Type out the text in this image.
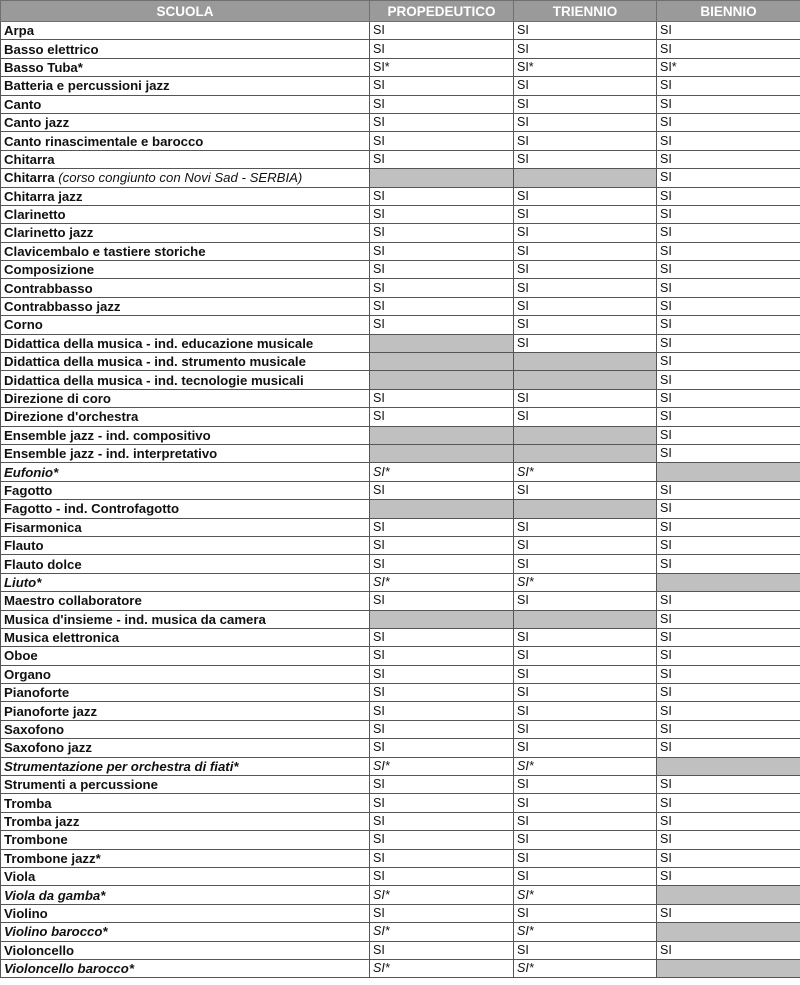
SCUOLA	PROPEDEUTICO	TRIENNIO	BIENNIO
Arpa	SI	SI	SI
Basso elettrico	SI	SI	SI
Basso Tuba*	SI*	SI*	SI*
Batteria e percussioni jazz	SI	SI	SI
Canto	SI	SI	SI
Canto jazz	SI	SI	SI
Canto rinascimentale e barocco	SI	SI	SI
Chitarra	SI	SI	SI
Chitarra (corso congiunto con Novi Sad - SERBIA)			SI
Chitarra jazz	SI	SI	SI
Clarinetto	SI	SI	SI
Clarinetto jazz	SI	SI	SI
Clavicembalo e tastiere storiche	SI	SI	SI
Composizione	SI	SI	SI
Contrabbasso	SI	SI	SI
Contrabbasso jazz	SI	SI	SI
Corno	SI	SI	SI
Didattica della musica - ind. educazione musicale		SI	SI
Didattica della musica - ind. strumento musicale			SI
Didattica della musica - ind. tecnologie musicali			SI
Direzione di coro	SI	SI	SI
Direzione d'orchestra	SI	SI	SI
Ensemble jazz - ind. compositivo			SI
Ensemble jazz - ind. interpretativo			SI
Eufonio*	SI*	SI*	
Fagotto	SI	SI	SI
Fagotto - ind. Controfagotto			SI
Fisarmonica	SI	SI	SI
Flauto	SI	SI	SI
Flauto dolce	SI	SI	SI
Liuto*	SI*	SI*	
Maestro collaboratore	SI	SI	SI
Musica d'insieme - ind. musica da camera			SI
Musica elettronica	SI	SI	SI
Oboe	SI	SI	SI
Organo	SI	SI	SI
Pianoforte	SI	SI	SI
Pianoforte jazz	SI	SI	SI
Saxofono	SI	SI	SI
Saxofono jazz	SI	SI	SI
Strumentazione per orchestra di fiati*	SI*	SI*	
Strumenti a percussione	SI	SI	SI
Tromba	SI	SI	SI
Tromba jazz	SI	SI	SI
Trombone	SI	SI	SI
Trombone jazz*	SI	SI	SI
Viola	SI	SI	SI
Viola da gamba*	SI*	SI*	
Violino	SI	SI	SI
Violino barocco*	SI*	SI*	
Violoncello	SI	SI	SI
Violoncello barocco*	SI*	SI*	
